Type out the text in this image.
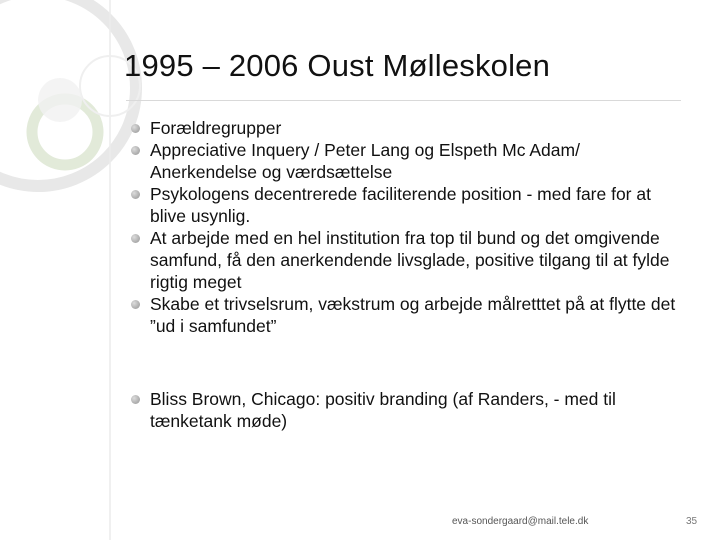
1995 – 2006 Oust Mølleskolen
Forældregrupper
Appreciative Inquery / Peter Lang og Elspeth Mc Adam/ Anerkendelse og værdsættelse
Psykologens decentrerede faciliterende position - med fare for at blive usynlig.
At arbejde med en hel institution fra top til bund og det omgivende samfund, få den anerkendende livsglade, positive tilgang til at fylde rigtig meget
Skabe et trivselsrum, vækstrum og arbejde målretttet på at flytte det ”ud i samfundet”
Bliss Brown, Chicago: positiv branding (af Randers, - med til tænketank møde)
eva-sondergaard@mail.tele.dk	35
